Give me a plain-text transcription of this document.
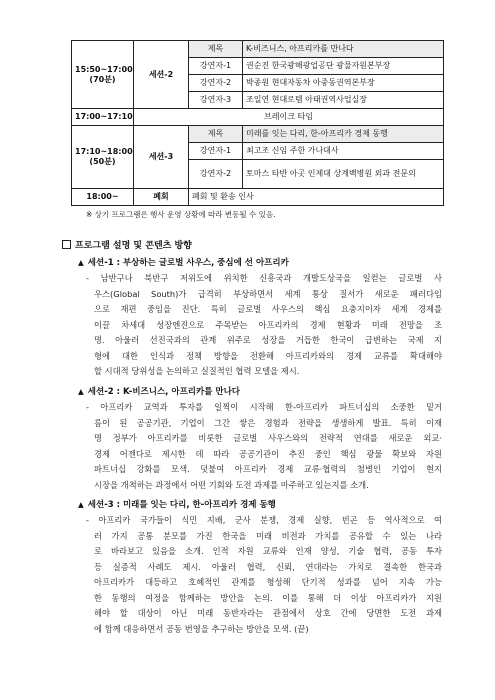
15:50~17:00
(70분)	세션-2	제목	K-비즈니스, 아프리카를 만나다
		강연자-1	권순진 한국광해광업공단 광물자원본부장
		강연자-2	박종원 현대자동차 아중동권역본부장
		강연자-3	조일연 현대로템 아태권역사업실장
17:00~17:10	브레이크 타임		
17:10~18:00
(50분)	세션-3	제목	미래를 잇는 다리, 한-아프리카 경제 동행
		강연자-1	최고조 신임 주한 가나대사
		강연자-2	토마스 타반 아곳 인제대 상계백병원 외과 전문의
18:00~	폐회	폐회 및 환송 인사	
※ 상기 프로그램은 행사 운영 상황에 따라 변동될 수 있음.
프로그램 설명 및 콘텐츠 방향
▲ 세션-1 : 부상하는 글로벌 사우스, 중심에 선 아프리카
- 남반구나 북반구 저위도에 위치한 신흥국과 개발도상국을 일컫는 글로벌 사
우스(Global South)가 급격히 부상하면서 세계 통상 질서가 새로운 패러다임
으로 재편 중임을 진단. 특히 글로벌 사우스의 핵심 요충지이자 세계 경제를
이끌 차세대 성장엔진으로 주목받는 아프리카의 경제 현황과 미래 전망을 조
명. 아울러 선진국과의 관계 위주로 성장을 거듭한 한국이 급변하는 국제 지
형에 대한 인식과 정책 방향을 전환해 아프리카와의 경제 교류를 확대해야
할 시대적 당위성을 논의하고 실질적인 협력 모델을 제시.
▲ 세션-2 : K-비즈니스, 아프리카를 만나다
- 아프리카 교역과 투자를 일찍이 시작해 한-아프리카 파트너십의 소중한 밑거
름이 된 공공기관, 기업이 그간 쌓은 경험과 전략을 생생하게 발표. 특히 이재
명 정부가 아프리카를 비롯한 글로벌 사우스와의 전략적 연대를 새로운 외교·
경제 어젠다로 제시한 데 따라 공공기관이 추진 중인 핵심 광물 확보와 자원
파트너십 강화를 모색. 덧붙여 아프리카 경제 교류·협력의 첨병인 기업이 현지
시장을 개척하는 과정에서 어떤 기회와 도전 과제를 마주하고 있는지를 소개.
▲ 세션-3 : 미래를 잇는 다리, 한-아프리카 경제 동행
- 아프리카 국가들이 식민 지배, 군사 분쟁, 경제 실향, 빈곤 등 역사적으로 여
러 가지 공통 분모를 가진 한국을 미래 비전과 가치를 공유할 수 있는 나라
로 바라보고 있음을 소개. 인적 자원 교류와 인재 양성, 기술 협력, 공동 투자
등 실증적 사례도 제시. 아울러 협력, 신뢰, 연대라는 가치로 결속한 한국과
아프리카가 대등하고 호혜적인 관계를 형성해 단기적 성과를 넘어 지속 가능
한 동행의 여정을 함께하는 방안을 논의. 이를 통해 더 이상 아프리카가 지원
해야 할 대상이 아닌 미래 동반자라는 관점에서 상호 간에 당면한 도전 과제
에 함께 대응하면서 공동 번영을 추구하는 방안을 모색. (끝)
